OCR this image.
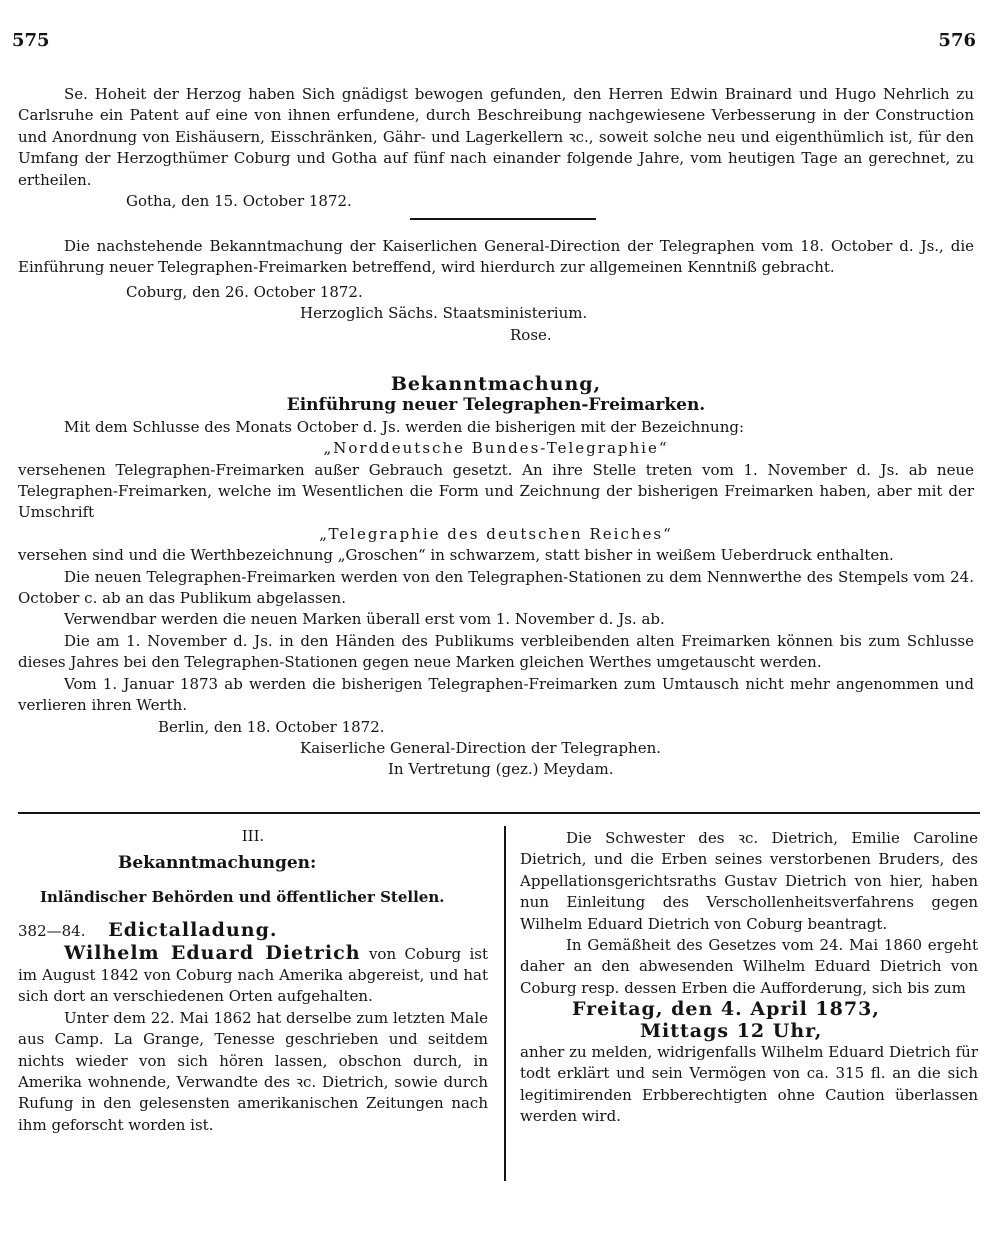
575	576

Se. Hoheit der Herzog haben Sich gnädigst bewogen gefunden, den Herren Edwin Brainard und Hugo Nehrlich zu Carlsruhe ein Patent auf eine von ihnen erfundene, durch Beschreibung nachgewiesene Verbesserung in der Construction und Anordnung von Eishäusern, Eisschränken, Gähr- und Lagerkellern ꝛc., soweit solche neu und eigenthümlich ist, für den Umfang der Herzogthümer Coburg und Gotha auf fünf nach einander folgende Jahre, vom heutigen Tage an gerechnet, zu ertheilen.

Gotha, den 15. October 1872.

Die nachstehende Bekanntmachung der Kaiserlichen General-Direction der Telegraphen vom 18. October d. Js., die Einführung neuer Telegraphen-Freimarken betreffend, wird hierdurch zur allgemeinen Kenntniß gebracht.

Coburg, den 26. October 1872.

Herzoglich Sächs. Staatsministerium.

Rose.

Bekanntmachung,

Einführung neuer Telegraphen-Freimarken.

Mit dem Schlusse des Monats October d. Js. werden die bisherigen mit der Bezeichnung:

„Norddeutsche Bundes-Telegraphie“

versehenen Telegraphen-Freimarken außer Gebrauch gesetzt. An ihre Stelle treten vom 1. November d. Js. ab neue Telegraphen-Freimarken, welche im Wesentlichen die Form und Zeichnung der bisherigen Freimarken haben, aber mit der Umschrift

„Telegraphie des deutschen Reiches“

versehen sind und die Werthbezeichnung „Groschen“ in schwarzem, statt bisher in weißem Ueberdruck enthalten.

Die neuen Telegraphen-Freimarken werden von den Telegraphen-Stationen zu dem Nennwerthe des Stempels vom 24. October c. ab an das Publikum abgelassen.

Verwendbar werden die neuen Marken überall erst vom 1. November d. Js. ab.

Die am 1. November d. Js. in den Händen des Publikums verbleibenden alten Freimarken können bis zum Schlusse dieses Jahres bei den Telegraphen-Stationen gegen neue Marken gleichen Werthes umgetauscht werden.

Vom 1. Januar 1873 ab werden die bisherigen Telegraphen-Freimarken zum Umtausch nicht mehr angenommen und verlieren ihren Werth.

Berlin, den 18. October 1872.

Kaiserliche General-Direction der Telegraphen.

In Vertretung (gez.) Meydam.

III.

Bekanntmachungen:

Inländischer Behörden und öffentlicher Stellen.

382—84. Edictalladung.

Wilhelm Eduard Dietrich von Coburg ist im August 1842 von Coburg nach Amerika abgereist, und hat sich dort an verschiedenen Orten aufgehalten.

Unter dem 22. Mai 1862 hat derselbe zum letzten Male aus Camp. La Grange, Tenesse geschrieben und seitdem nichts wieder von sich hören lassen, obschon durch, in Amerika wohnende, Verwandte des ꝛc. Dietrich, sowie durch Rufung in den gelesensten amerikanischen Zeitungen nach ihm geforscht worden ist.

Die Schwester des ꝛc. Dietrich, Emilie Caroline Dietrich, und die Erben seines verstorbenen Bruders, des Appellationsgerichtsraths Gustav Dietrich von hier, haben nun Einleitung des Verschollenheitsverfahrens gegen Wilhelm Eduard Dietrich von Coburg beantragt.

In Gemäßheit des Gesetzes vom 24. Mai 1860 ergeht daher an den abwesenden Wilhelm Eduard Dietrich von Coburg resp. dessen Erben die Aufforderung, sich bis zum

Freitag, den 4. April 1873,

Mittags 12 Uhr,

anher zu melden, widrigenfalls Wilhelm Eduard Dietrich für todt erklärt und sein Vermögen von ca. 315 fl. an die sich legitimirenden Erbberechtigten ohne Caution überlassen werden wird.
